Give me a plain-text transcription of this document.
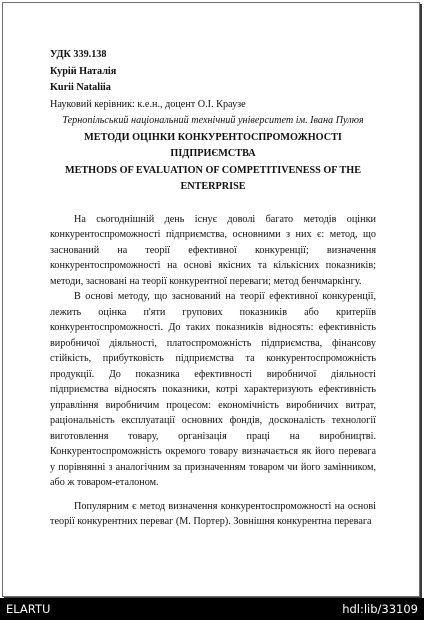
УДК 339.138
Курій Наталія
Kurii Nataliia
Науковий керівник: к.е.н., доцент О.І. Краузе
Тернопільський національний технічний університет ім. Івана Пулюя
МЕТОДИ ОЦІНКИ КОНКУРЕНТОСПРОМОЖНОСТІ
ПІДПРИЄМСТВА
METHODS OF EVALUATION OF COMPETITIVENESS OF THE
ENTERPRISE

На сьогоднішній день існує доволі багато методів оцінки конкурентоспроможності підприємства, основними з них є: метод, що заснований на теорії ефективної конкуренції; визначення конкурентоспроможності на основі якісних та кількісних показників; методи, засновані на теорії конкурентної переваги; метод бенчмаркінгу.

В основі методу, що заснований на теорії ефективної конкуренції, лежить оцінка п'яти групових показників або критеріїв конкурентоспроможності. До таких показників відносять: ефективність виробничої діяльності, платоспроможність підприємства, фінансову стійкість, прибутковість підприємства та конкурентоспроможність продукції. До показника ефективності виробничої діяльності підприємства відносять показники, котрі характеризують ефективність управління виробничим процесом: економічність виробничих витрат, раціональність експлуатації основних фондів, досконалість технології виготовлення товару, організація праці на виробництві. Конкурентоспроможність окремого товару визначається як його перевага у порівнянні з аналогічним за призначенням товаром чи його замінником, або ж товаром-еталоном.

Популярним є метод визначення конкурентоспроможності на основі теорії конкурентних переваг (М. Портер). Зовнішня конкурентна перевага

ELARTU	hdl:lib/33109
